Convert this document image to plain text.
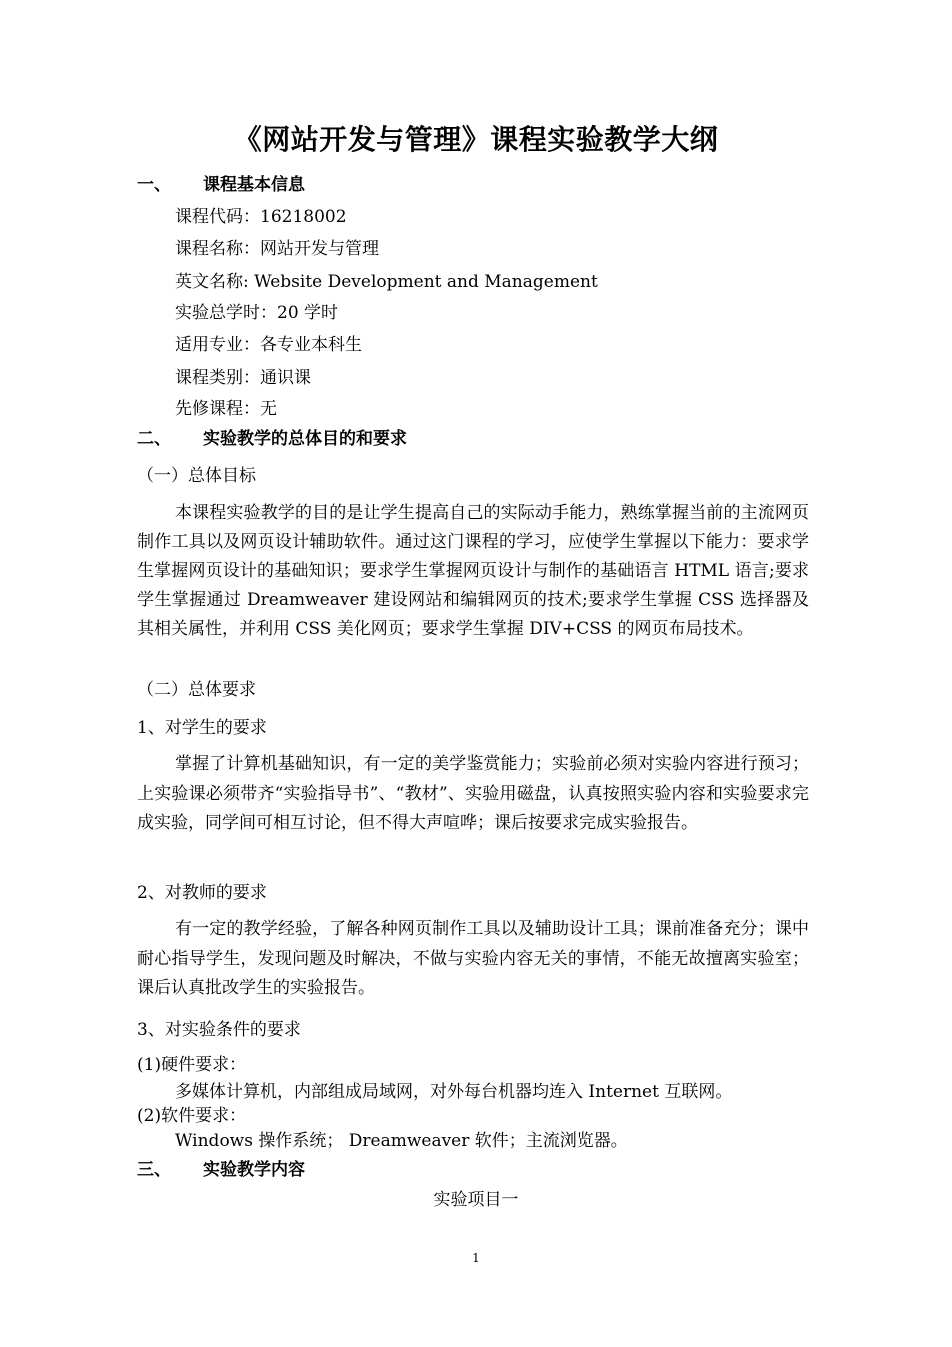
《网站开发与管理》课程实验教学大纲
一、 课程基本信息
课程代码：16218002
课程名称：网站开发与管理
英文名称: Website Development and Management
实验总学时：20 学时
适用专业：各专业本科生
课程类别：通识课
先修课程：无
二、 实验教学的总体目的和要求
（一）总体目标

本课程实验教学的目的是让学生提高自己的实际动手能力，熟练掌握当前的主流网页制作工具以及网页设计辅助软件。通过这门课程的学习，应使学生掌握以下能力：要求学生掌握网页设计的基础知识；要求学生掌握网页设计与制作的基础语言 HTML 语言;要求学生掌握通过 Dreamweaver 建设网站和编辑网页的技术;要求学生掌握 CSS 选择器及其相关属性，并利用 CSS 美化网页；要求学生掌握 DIV+CSS 的网页布局技术。

（二）总体要求
1、对学生的要求

掌握了计算机基础知识，有一定的美学鉴赏能力；实验前必须对实验内容进行预习；上实验课必须带齐“实验指导书”、“教材”、实验用磁盘，认真按照实验内容和实验要求完成实验，同学间可相互讨论，但不得大声喧哗；课后按要求完成实验报告。

2、对教师的要求

有一定的教学经验，了解各种网页制作工具以及辅助设计工具；课前准备充分；课中耐心指导学生，发现问题及时解决，不做与实验内容无关的事情，不能无故擅离实验室；课后认真批改学生的实验报告。

3、对实验条件的要求
(1)硬件要求：
多媒体计算机，内部组成局域网，对外每台机器均连入 Internet 互联网。
(2)软件要求：
Windows 操作系统； Dreamweaver 软件；主流浏览器。
三、 实验教学内容
实验项目一
1
